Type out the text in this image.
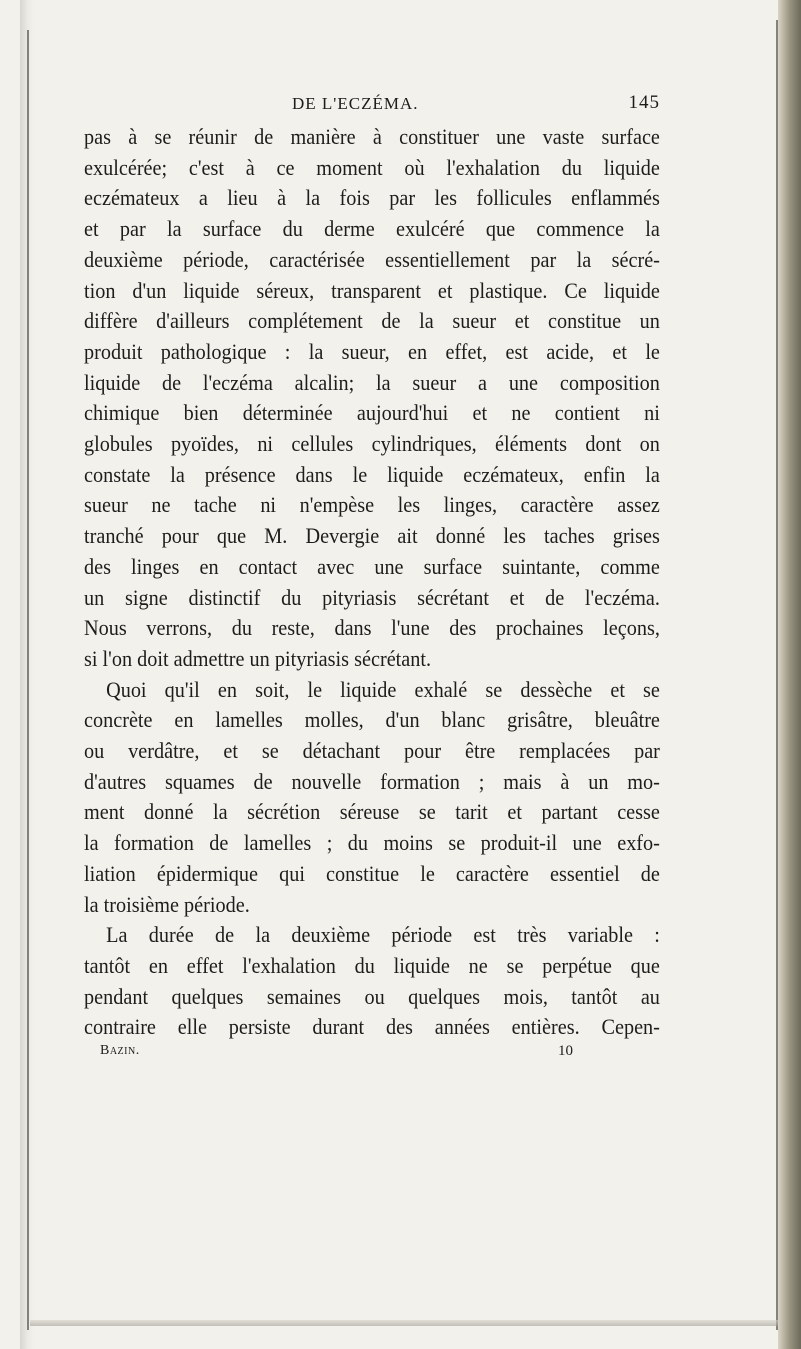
DE L'ECZÉMA.	145

pas à se réunir de manière à constituer une vaste surface

exulcérée; c'est à ce moment où l'exhalation du liquide

eczémateux a lieu à la fois par les follicules enflammés

et par la surface du derme exulcéré que commence la

deuxième période, caractérisée essentiellement par la sécré-

tion d'un liquide séreux, transparent et plastique. Ce liquide

diffère d'ailleurs complétement de la sueur et constitue un

produit pathologique : la sueur, en effet, est acide, et le

liquide de l'eczéma alcalin; la sueur a une composition

chimique bien déterminée aujourd'hui et ne contient ni

globules pyoïdes, ni cellules cylindriques, éléments dont on

constate la présence dans le liquide eczémateux, enfin la

sueur ne tache ni n'empèse les linges, caractère assez

tranché pour que M. Devergie ait donné les taches grises

des linges en contact avec une surface suintante, comme

un signe distinctif du pityriasis sécrétant et de l'eczéma.

Nous verrons, du reste, dans l'une des prochaines leçons,

si l'on doit admettre un pityriasis sécrétant.

Quoi qu'il en soit, le liquide exhalé se dessèche et se

concrète en lamelles molles, d'un blanc grisâtre, bleuâtre

ou verdâtre, et se détachant pour être remplacées par

d'autres squames de nouvelle formation ; mais à un mo-

ment donné la sécrétion séreuse se tarit et partant cesse

la formation de lamelles ; du moins se produit-il une exfo-

liation épidermique qui constitue le caractère essentiel de

la troisième période.

La durée de la deuxième période est très variable :

tantôt en effet l'exhalation du liquide ne se perpétue que

pendant quelques semaines ou quelques mois, tantôt au

contraire elle persiste durant des années entières. Cepen-

Bazin.	10
